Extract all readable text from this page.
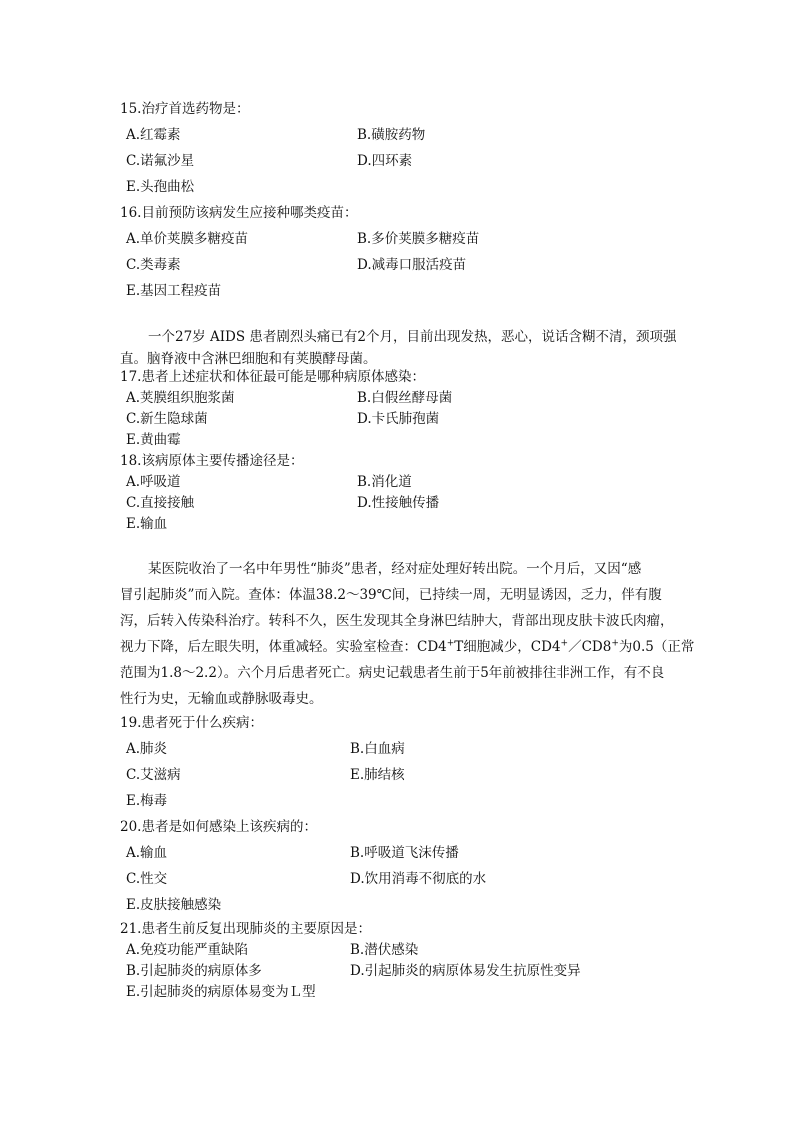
15.治疗首选药物是：
A.红霉素	B.磺胺药物
C.诺氟沙星	D.四环素
E.头孢曲松
16.目前预防该病发生应接种哪类疫苗：
A.单价荚膜多糖疫苗	B.多价荚膜多糖疫苗
C.类毒素	D.减毒口服活疫苗
E.基因工程疫苗
一个27岁 AIDS 患者剧烈头痛已有2个月，目前出现发热，恶心，说话含糊不清，颈项强
直。脑脊液中含淋巴细胞和有荚膜酵母菌。
17.患者上述症状和体征最可能是哪种病原体感染：
A.荚膜组织胞浆菌	B.白假丝酵母菌
C.新生隐球菌	D.卡氏肺孢菌
E.黄曲霉
18.该病原体主要传播途径是：
A.呼吸道	B.消化道
C.直接接触	D.性接触传播
E.输血
某医院收治了一名中年男性“肺炎”患者，经对症处理好转出院。一个月后，又因“感
冒引起肺炎”而入院。查体：体温38.2～39℃间，已持续一周，无明显诱因，乏力，伴有腹
泻，后转入传染科治疗。转科不久，医生发现其全身淋巴结肿大，背部出现皮肤卡波氏肉瘤，
视力下降，后左眼失明，体重减轻。实验室检查：CD4+T细胞减少，CD4+／CD8+为0.5（正常
范围为1.8～2.2）。六个月后患者死亡。病史记载患者生前于5年前被排往非洲工作，有不良
性行为史，无输血或静脉吸毒史。
19.患者死于什么疾病：
A.肺炎	B.白血病
C.艾滋病	E.肺结核
E.梅毒
20.患者是如何感染上该疾病的：
A.输血	B.呼吸道飞沫传播
C.性交	D.饮用消毒不彻底的水
E.皮肤接触感染
21.患者生前反复出现肺炎的主要原因是：
A.免疫功能严重缺陷	B.潜伏感染
B.引起肺炎的病原体多	D.引起肺炎的病原体易发生抗原性变异
E.引起肺炎的病原体易变为Ｌ型
